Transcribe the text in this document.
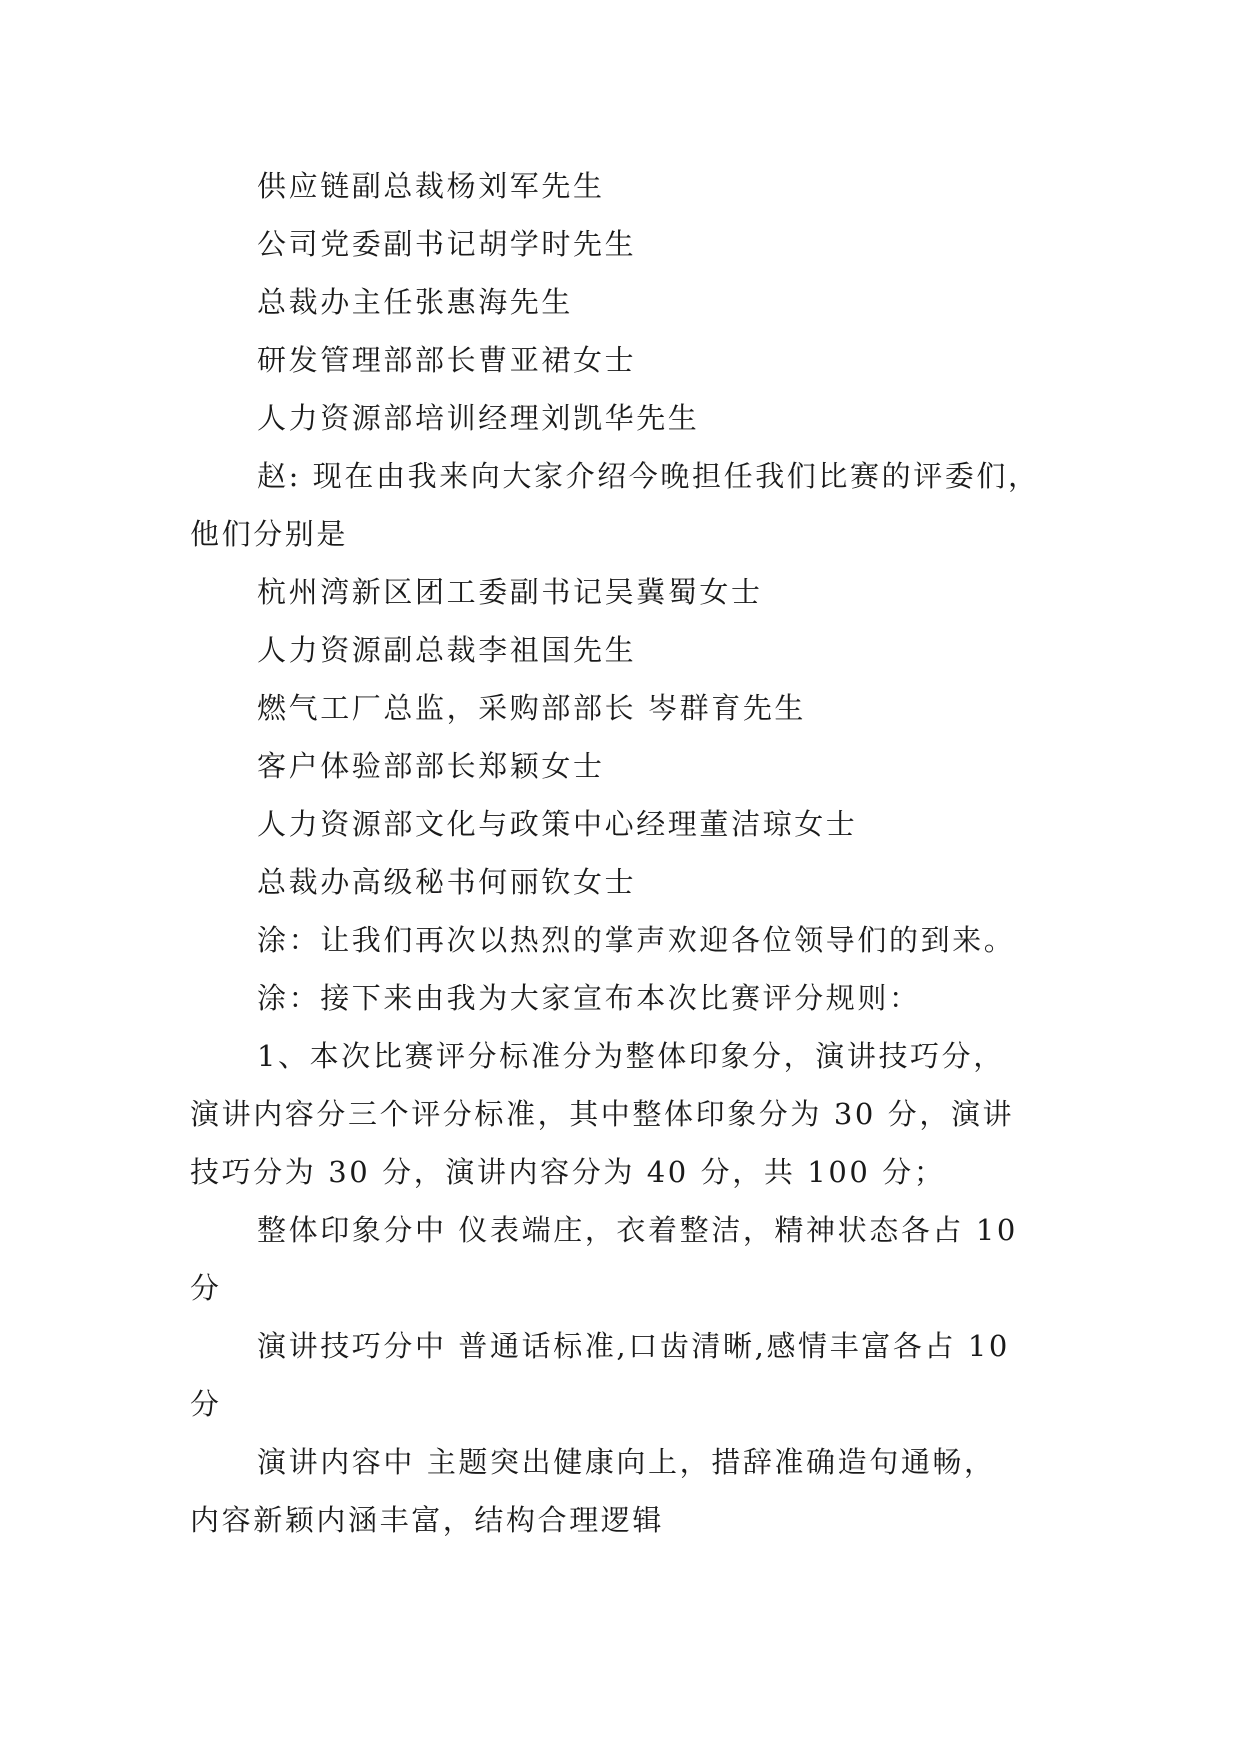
供应链副总裁杨刘军先生
公司党委副书记胡学时先生
总裁办主任张惠海先生
研发管理部部长曹亚裙女士
人力资源部培训经理刘凯华先生
赵: 现在由我来向大家介绍今晚担任我们比赛的评委们，
他们分别是
杭州湾新区团工委副书记吴冀蜀女士
人力资源副总裁李祖国先生
燃气工厂总监，采购部部长 岑群育先生
客户体验部部长郑颖女士
人力资源部文化与政策中心经理董洁琼女士
总裁办高级秘书何丽钦女士
涂：让我们再次以热烈的掌声欢迎各位领导们的到来。
涂：接下来由我为大家宣布本次比赛评分规则：
1、本次比赛评分标准分为整体印象分，演讲技巧分，
演讲内容分三个评分标准，其中整体印象分为 30 分，演讲
技巧分为 30 分，演讲内容分为 40 分，共 100 分；
整体印象分中 仪表端庄，衣着整洁，精神状态各占 10
分
演讲技巧分中 普通话标准,口齿清晰,感情丰富各占 10
分
演讲内容中 主题突出健康向上，措辞准确造句通畅，
内容新颖内涵丰富，结构合理逻辑
